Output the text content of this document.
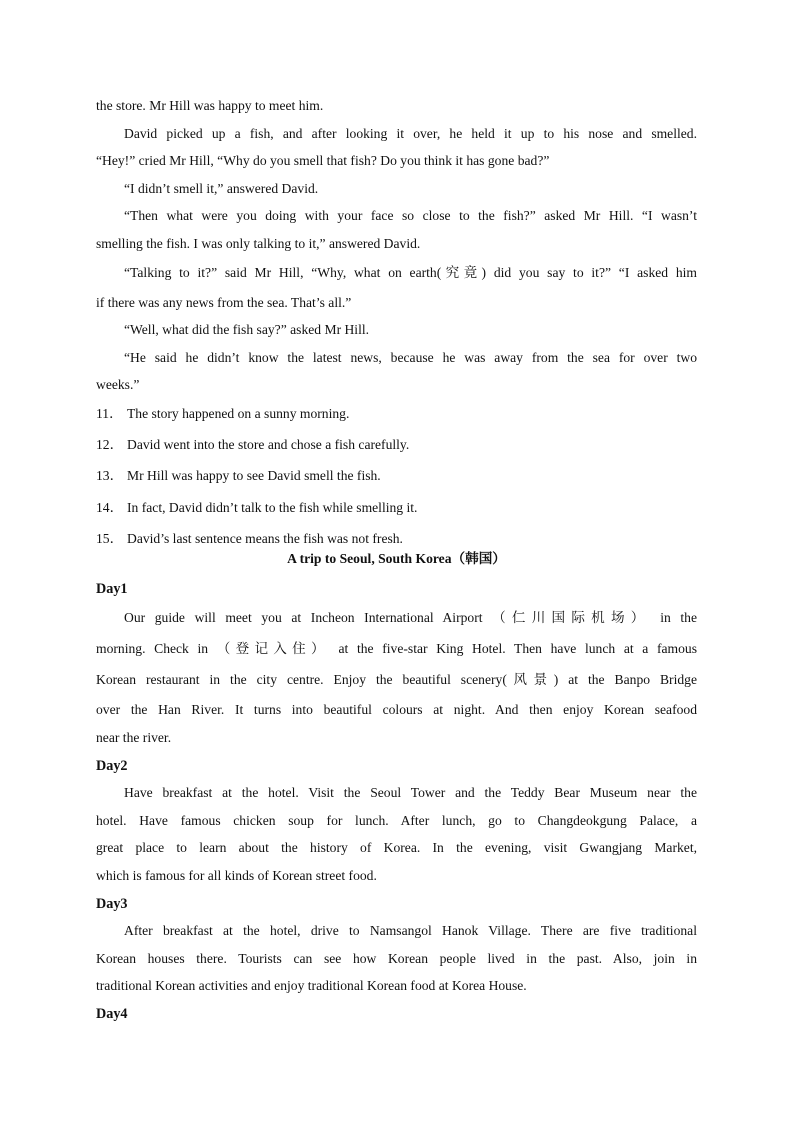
the store. Mr Hill was happy to meet him.
David picked up a fish, and after looking it over, he held it up to his nose and smelled.
“Hey!” cried Mr Hill, “Why do you smell that fish? Do you think it has gone bad?”
“I didn’t smell it,” answered David.
“Then what were you doing with your face so close to the fish?” asked Mr Hill. “I wasn’t
smelling the fish. I was only talking to it,” answered David.
“Talking to it?” said Mr Hill, “Why, what on earth(究竟) did you say to it?” “I asked him
if there was any news from the sea. That’s all.”
“Well, what did the fish say?” asked Mr Hill.
“He said he didn’t know the latest news, because he was away from the sea for over two
weeks.”
11． The story happened on a sunny morning.
12． David went into the store and chose a fish carefully.
13． Mr Hill was happy to see David smell the fish.
14． In fact, David didn’t talk to the fish while smelling it.
15． David’s last sentence means the fish was not fresh.
A trip to Seoul, South Korea（韩国）
Day1
Our guide will meet you at Incheon International Airport （仁川国际机场） in the
morning. Check in （登记入住） at the five-star King Hotel. Then have lunch at a famous
Korean restaurant in the city centre. Enjoy the beautiful scenery(风景) at the Banpo Bridge
over the Han River. It turns into beautiful colours at night. And then enjoy Korean seafood
near the river.
Day2
Have breakfast at the hotel. Visit the Seoul Tower and the Teddy Bear Museum near the
hotel. Have famous chicken soup for lunch. After lunch, go to Changdeokgung Palace, a
great place to learn about the history of Korea. In the evening, visit Gwangjang Market,
which is famous for all kinds of Korean street food.
Day3
After breakfast at the hotel, drive to Namsangol Hanok Village. There are five traditional
Korean houses there. Tourists can see how Korean people lived in the past. Also, join in
traditional Korean activities and enjoy traditional Korean food at Korea House.
Day4
